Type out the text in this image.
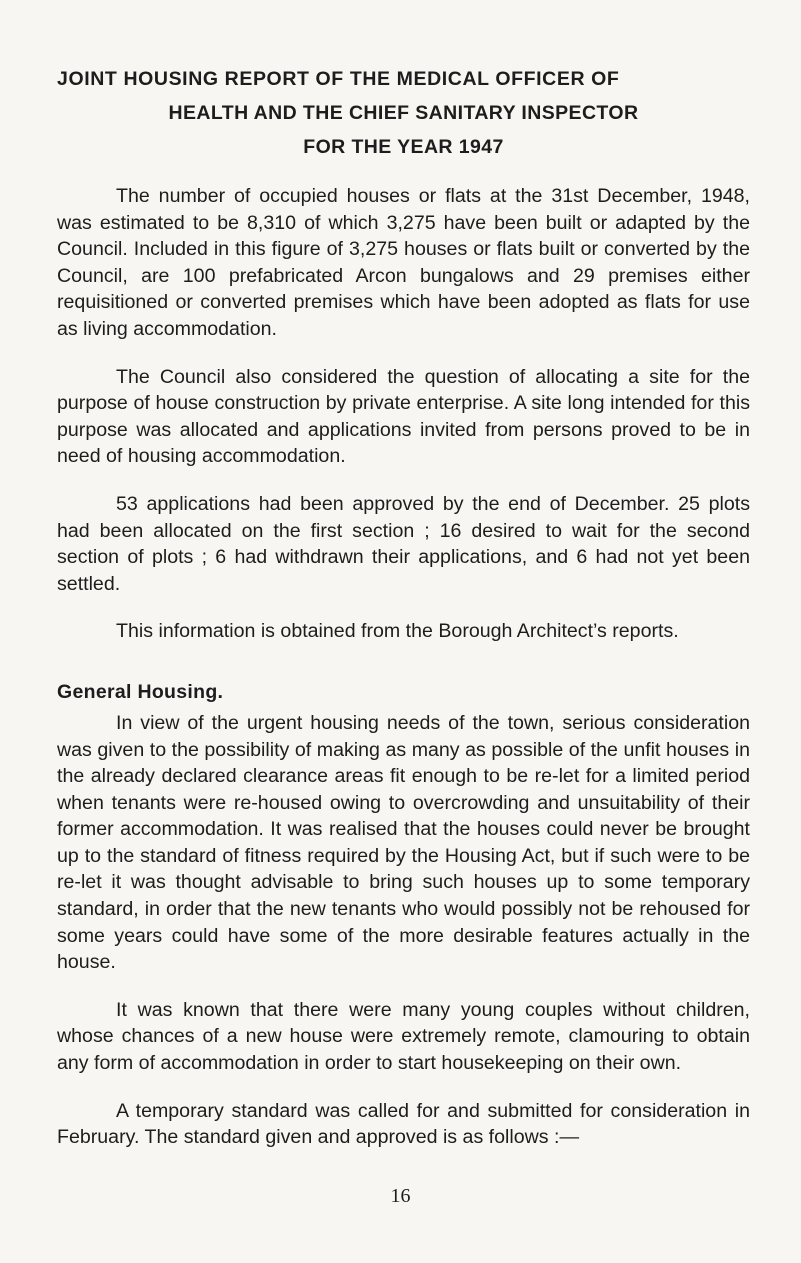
JOINT HOUSING REPORT OF THE MEDICAL OFFICER OF
HEALTH AND THE CHIEF SANITARY INSPECTOR
FOR THE YEAR 1947

The number of occupied houses or flats at the 31st December, 1948, was estimated to be 8,310 of which 3,275 have been built or adapted by the Council. Included in this figure of 3,275 houses or flats built or converted by the Council, are 100 prefabricated Arcon bungalows and 29 premises either requisitioned or converted premises which have been adopted as flats for use as living accommodation.

The Council also considered the question of allocating a site for the purpose of house construction by private enterprise. A site long intended for this purpose was allocated and applications invited from persons proved to be in need of housing accommodation.

53 applications had been approved by the end of December. 25 plots had been allocated on the first section ; 16 desired to wait for the second section of plots ; 6 had withdrawn their applications, and 6 had not yet been settled.

This information is obtained from the Borough Architect’s reports.

General Housing.

In view of the urgent housing needs of the town, serious consideration was given to the possibility of making as many as possible of the unfit houses in the already declared clearance areas fit enough to be re-let for a limited period when tenants were re-housed owing to overcrowding and unsuitability of their former accommodation. It was realised that the houses could never be brought up to the standard of fitness required by the Housing Act, but if such were to be re-let it was thought advisable to bring such houses up to some temporary standard, in order that the new tenants who would possibly not be rehoused for some years could have some of the more desirable features actually in the house.

It was known that there were many young couples without children, whose chances of a new house were extremely remote, clamouring to obtain any form of accommodation in order to start housekeeping on their own.

A temporary standard was called for and submitted for consideration in February. The standard given and approved is as follows :—

16
